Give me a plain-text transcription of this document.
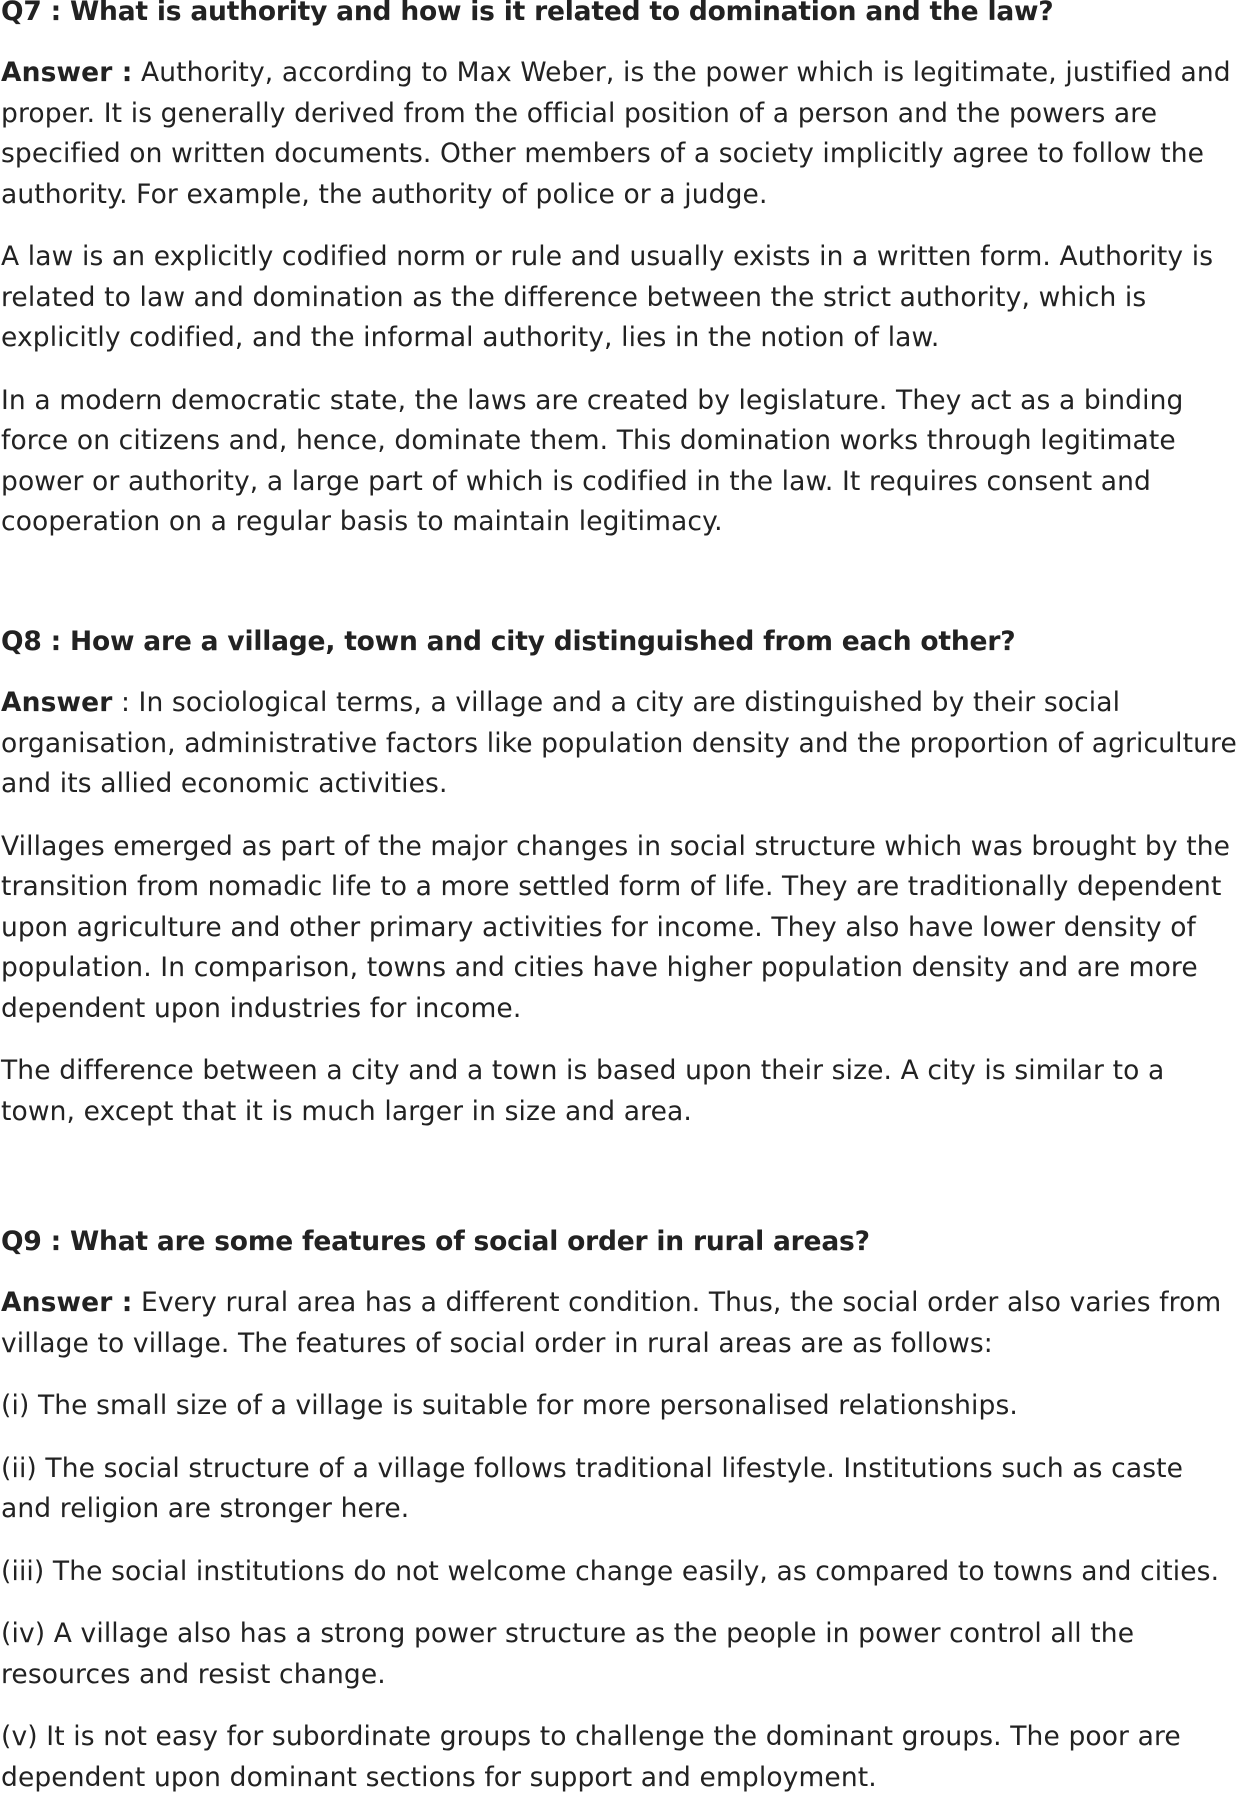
Q7 : What is authority and how is it related to domination and the law?

Answer : Authority, according to Max Weber, is the power which is legitimate, justified and proper. It is generally derived from the official position of a person and the powers are specified on written documents. Other members of a society implicitly agree to follow the authority. For example, the authority of police or a judge.

A law is an explicitly codified norm or rule and usually exists in a written form. Authority is related to law and domination as the difference between the strict authority, which is explicitly codified, and the informal authority, lies in the notion of law.

In a modern democratic state, the laws are created by legislature. They act as a binding force on citizens and, hence, dominate them. This domination works through legitimate power or authority, a large part of which is codified in the law. It requires consent and cooperation on a regular basis to maintain legitimacy.

Q8 : How are a village, town and city distinguished from each other?

Answer : In sociological terms, a village and a city are distinguished by their social organisation, administrative factors like population density and the proportion of agriculture and its allied economic activities.

Villages emerged as part of the major changes in social structure which was brought by the transition from nomadic life to a more settled form of life. They are traditionally dependent upon agriculture and other primary activities for income. They also have lower density of population. In comparison, towns and cities have higher population density and are more dependent upon industries for income.

The difference between a city and a town is based upon their size. A city is similar to a town, except that it is much larger in size and area.

Q9 : What are some features of social order in rural areas?

Answer : Every rural area has a different condition. Thus, the social order also varies from village to village. The features of social order in rural areas are as follows:

(i) The small size of a village is suitable for more personalised relationships.

(ii) The social structure of a village follows traditional lifestyle. Institutions such as caste and religion are stronger here.

(iii) The social institutions do not welcome change easily, as compared to towns and cities.

(iv) A village also has a strong power structure as the people in power control all the resources and resist change.

(v) It is not easy for subordinate groups to challenge the dominant groups. The poor are dependent upon dominant sections for support and employment.
